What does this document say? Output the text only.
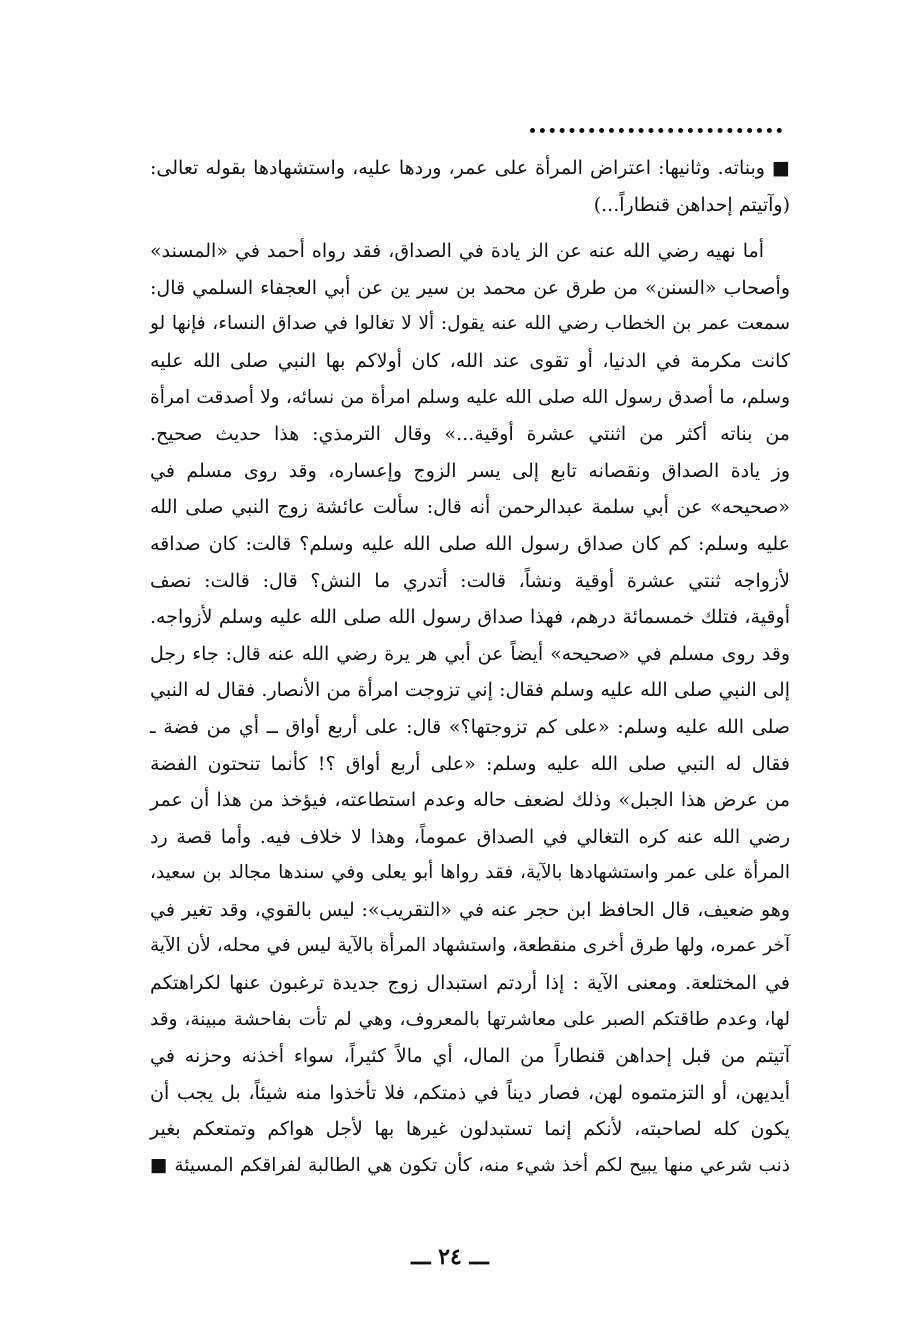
■ وبناته. وثانيها: اعتراض المرأة على عمر، وردها عليه، واستشهادها بقوله تعالى:
(وآتيتم إحداهن قنطاراً...)
أما نهيه رضي الله عنه عن الز يادة في الصداق، فقد رواه أحمد في «المسند»
وأصحاب «السنن» من طرق عن محمد بن سير ين عن أبي العجفاء السلمي قال:
سمعت عمر بن الخطاب رضي الله عنه يقول: ألا لا تغالوا في صداق النساء، فإنها لو
كانت مكرمة في الدنيا، أو تقوى عند الله، كان أولاكم بها النبي صلى الله عليه
وسلم، ما أصدق رسول الله صلى الله عليه وسلم امرأة من نسائه، ولا أصدقت امرأة
من بناته أكثر من اثنتي عشرة أوقية...» وقال الترمذي: هذا حديث صحيح.
وز يادة الصداق ونقصانه تابع إلى يسر الزوج وإعساره، وقد روى مسلم في
«صحيحه» عن أبي سلمة عبدالرحمن أنه قال: سألت عائشة زوج النبي صلى الله
عليه وسلم: كم كان صداق رسول الله صلى الله عليه وسلم؟ قالت: كان صداقه
لأزواجه ثنتي عشرة أوقية ونشاً، قالت: أتدري ما النش؟ قال: قالت: نصف
أوقية، فتلك خمسمائة درهم، فهذا صداق رسول الله صلى الله عليه وسلم لأزواجه.
وقد روى مسلم في «صحيحه» أيضاً عن أبي هر يرة رضي الله عنه قال: جاء رجل
إلى النبي صلى الله عليه وسلم فقال: إني تزوجت امرأة من الأنصار. فقال له النبي
صلى الله عليه وسلم: «على كم تزوجتها؟» قال: على أربع أواق ــ أي من فضة ـ
فقال له النبي صلى الله عليه وسلم: «على أربع أواق ؟! كأنما تنحتون الفضة
من عرض هذا الجبل» وذلك لضعف حاله وعدم استطاعته، فيؤخذ من هذا أن عمر
رضي الله عنه كره التغالي في الصداق عموماً، وهذا لا خلاف فيه. وأما قصة رد
المرأة على عمر واستشهادها بالآية، فقد رواها أبو يعلى وفي سندها مجالد بن سعيد،
وهو ضعيف، قال الحافظ ابن حجر عنه في «التقريب»: ليس بالقوي، وقد تغير في
آخر عمره، ولها طرق أخرى منقطعة، واستشهاد المرأة بالآية ليس في محله، لأن الآية
في المختلعة. ومعنى الآية : إذا أردتم استبدال زوج جديدة ترغبون عنها لكراهتكم
لها، وعدم طاقتكم الصبر على معاشرتها بالمعروف، وهي لم تأت بفاحشة مبينة، وقد
آتيتم من قبل إحداهن قنطاراً من المال، أي مالاً كثيراً، سواء أخذنه وحزنه في
أيديهن، أو التزمتموه لهن، فصار ديناً في ذمتكم، فلا تأخذوا منه شيئاً، بل يجب أن
يكون كله لصاحبته، لأنكم إنما تستبدلون غيرها بها لأجل هواكم وتمتعكم بغير
ذنب شرعي منها يبيح لكم أخذ شيء منه، كأن تكون هي الطالبة لفراقكم المسيئة ■
ـــ ٢٤ ـــ
